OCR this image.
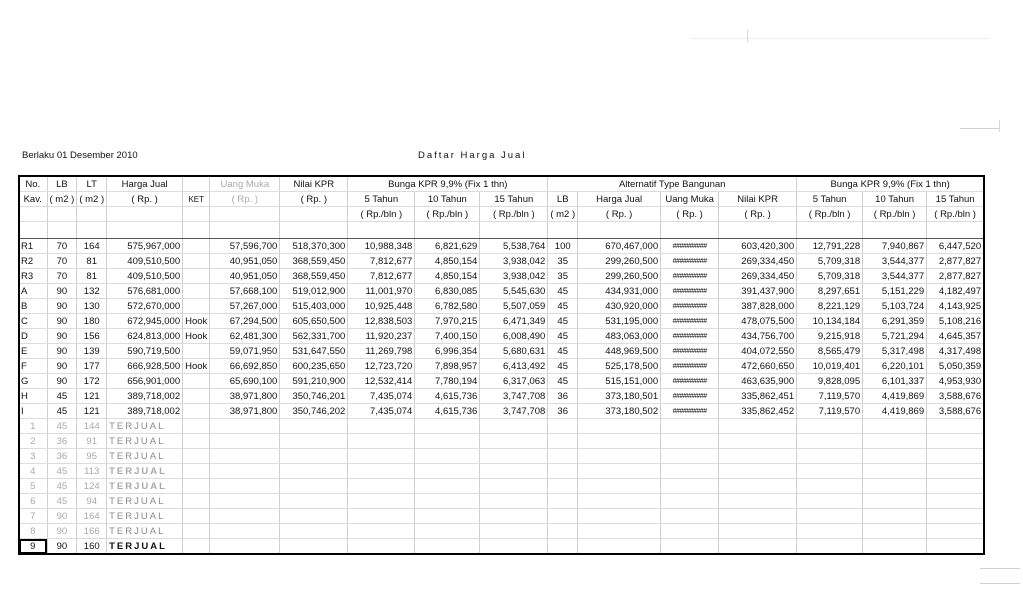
Berlaku 01 Desember 2010	Daftar Harga Jual
No.	LB	LT	Harga Jual		Uang Muka	Nilai KPR	Bunga KPR 9,9% (Fix 1 thn)			Alternatif Type Bangunan				Bunga KPR 9,9% (Fix 1 thn)		
Kav.	( m2 )	( m2 )	( Rp. )	KET	( Rp. )	( Rp. )	5 Tahun	10 Tahun	15 Tahun	LB	Harga Jual	Uang Muka	Nilai KPR	5 Tahun	10 Tahun	15 Tahun
							( Rp./bln )	( Rp./bln )	( Rp./bln )	( m2 )	( Rp. )	( Rp. )	( Rp. )	( Rp./bln )	( Rp./bln )	( Rp./bln )

R1	70	164	575,967,000		57,596,700	518,370,300	10,988,348	6,821,629	5,538,764	100	670,467,000	##########	603,420,300	12,791,228	7,940,867	6,447,520
R2	70	81	409,510,500		40,951,050	368,559,450	7,812,677	4,850,154	3,938,042	35	299,260,500	##########	269,334,450	5,709,318	3,544,377	2,877,827
R3	70	81	409,510,500		40,951,050	368,559,450	7,812,677	4,850,154	3,938,042	35	299,260,500	##########	269,334,450	5,709,318	3,544,377	2,877,827
A	90	132	576,681,000		57,668,100	519,012,900	11,001,970	6,830,085	5,545,630	45	434,931,000	##########	391,437,900	8,297,651	5,151,229	4,182,497
B	90	130	572,670,000		57,267,000	515,403,000	10,925,448	6,782,580	5,507,059	45	430,920,000	##########	387,828,000	8,221,129	5,103,724	4,143,925
C	90	180	672,945,000	Hook	67,294,500	605,650,500	12,838,503	7,970,215	6,471,349	45	531,195,000	##########	478,075,500	10,134,184	6,291,359	5,108,216
D	90	156	624,813,000	Hook	62,481,300	562,331,700	11,920,237	7,400,150	6,008,490	45	483,063,000	##########	434,756,700	9,215,918	5,721,294	4,645,357
E	90	139	590,719,500		59,071,950	531,647,550	11,269,798	6,996,354	5,680,631	45	448,969,500	##########	404,072,550	8,565,479	5,317,498	4,317,498
F	90	177	666,928,500	Hook	66,692,850	600,235,650	12,723,720	7,898,957	6,413,492	45	525,178,500	##########	472,660,650	10,019,401	6,220,101	5,050,359
G	90	172	656,901,000		65,690,100	591,210,900	12,532,414	7,780,194	6,317,063	45	515,151,000	##########	463,635,900	9,828,095	6,101,337	4,953,930
H	45	121	389,718,002		38,971,800	350,746,201	7,435,074	4,615,736	3,747,708	36	373,180,501	##########	335,862,451	7,119,570	4,419,869	3,588,676
I	45	121	389,718,002		38,971,800	350,746,202	7,435,074	4,615,736	3,747,708	36	373,180,502	##########	335,862,452	7,119,570	4,419,869	3,588,676
1	45	144	TERJUAL													
2	36	91	TERJUAL													
3	36	95	TERJUAL													
4	45	113	TERJUAL													
5	45	124	TERJUAL													
6	45	94	TERJUAL													
7	90	164	TERJUAL													
8	90	166	TERJUAL													
9	90	160	TERJUAL													
